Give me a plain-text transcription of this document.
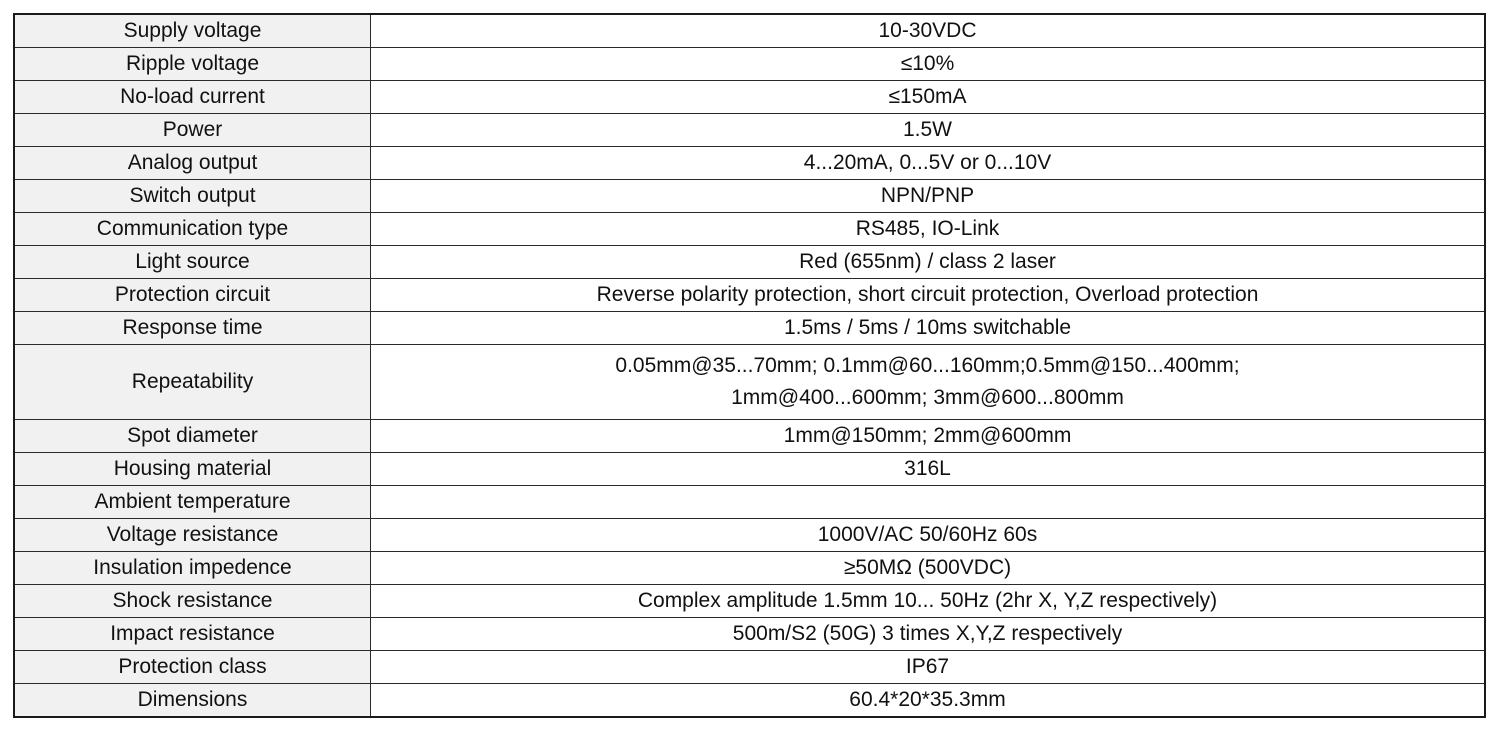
Supply voltage	10-30VDC
Ripple voltage	≤10%
No-load current	≤150mA
Power	1.5W
Analog output	4...20mA, 0...5V or 0...10V
Switch output	NPN/PNP
Communication type	RS485, IO-Link
Light source	Red (655nm) / class 2 laser
Protection circuit	Reverse polarity protection, short circuit protection, Overload protection
Response time	1.5ms / 5ms / 10ms switchable
Repeatability	0.05mm@35...70mm; 0.1mm@60...160mm;0.5mm@150...400mm;
1mm@400...600mm; 3mm@600...800mm

Spot diameter	1mm@150mm; 2mm@600mm
Housing material	316L
Ambient temperature	
Voltage resistance	1000V/AC 50/60Hz 60s
Insulation impedence	≥50MΩ (500VDC)
Shock resistance	Complex amplitude 1.5mm 10... 50Hz (2hr X, Y,Z respectively)
Impact resistance	500m/S2 (50G) 3 times X,Y,Z respectively
Protection class	IP67
Dimensions	60.4*20*35.3mm
